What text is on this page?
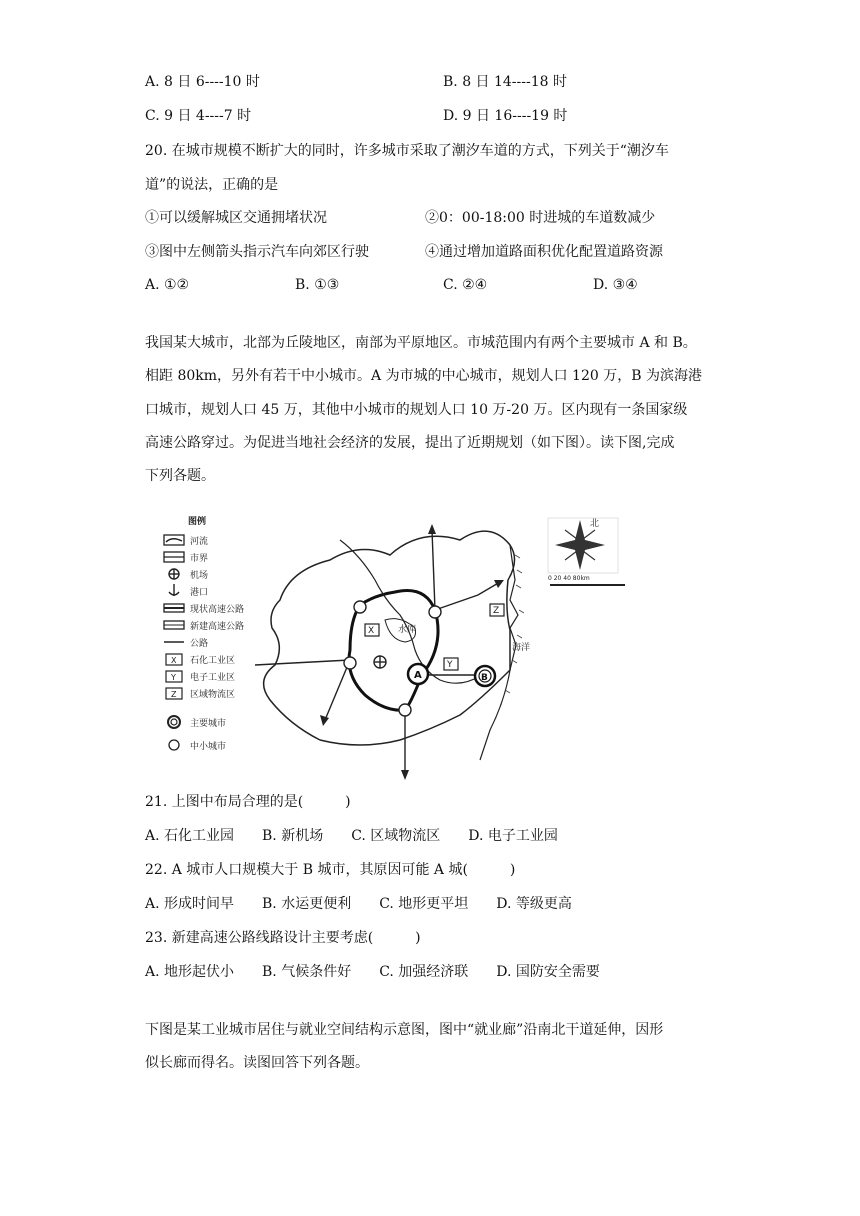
A. 8 日 6----10 时	B. 8 日 14----18 时
C. 9 日 4----7 时	D. 9 日 16----19 时
20. 在城市规模不断扩大的同时，许多城市采取了潮汐车道的方式，下列关于“潮汐车
道”的说法，正确的是
①可以缓解城区交通拥堵状况	②0：00-18:00 时进城的车道数减少
③图中左侧箭头指示汽车向郊区行驶	④通过增加道路面积优化配置道路资源
A. ①②	B. ①③	C. ②④	D. ③④
我国某大城市，北部为丘陵地区，南部为平原地区。市城范围内有两个主要城市 A 和 B。
相距 80km，另外有若干中小城市。A 为市城的中心城市，规划人口 120 万，B 为滨海港
口城市，规划人口 45 万，其他中小城市的规划人口 10 万-20 万。区内现有一条国家级
高速公路穿过。为促进当地社会经济的发展，提出了近期规划（如下图）。读下图,完成
下列各题。
图例
河流
市界
机场
港口
现状高速公路
新建高速公路
公路
X 石化工业区
Y 电子工业区
Z 区域物流区
主要城市
中小城市
海洋
水库
A	B
X
Y
Z
北
0 20 40 80km
21. 上图中布局合理的是(　　　)
A. 石化工业园　　B. 新机场　　C. 区域物流区　　D. 电子工业园
22. A 城市人口规模大于 B 城市，其原因可能 A 城(　　　)
A. 形成时间早　　B. 水运更便利　　C. 地形更平坦　　D. 等级更高
23. 新建高速公路线路设计主要考虑(　　　)
A. 地形起伏小　　B. 气候条件好　　C. 加强经济联　　D. 国防安全需要
下图是某工业城市居住与就业空间结构示意图，图中“就业廊”沿南北干道延伸，因形
似长廊而得名。读图回答下列各题。
